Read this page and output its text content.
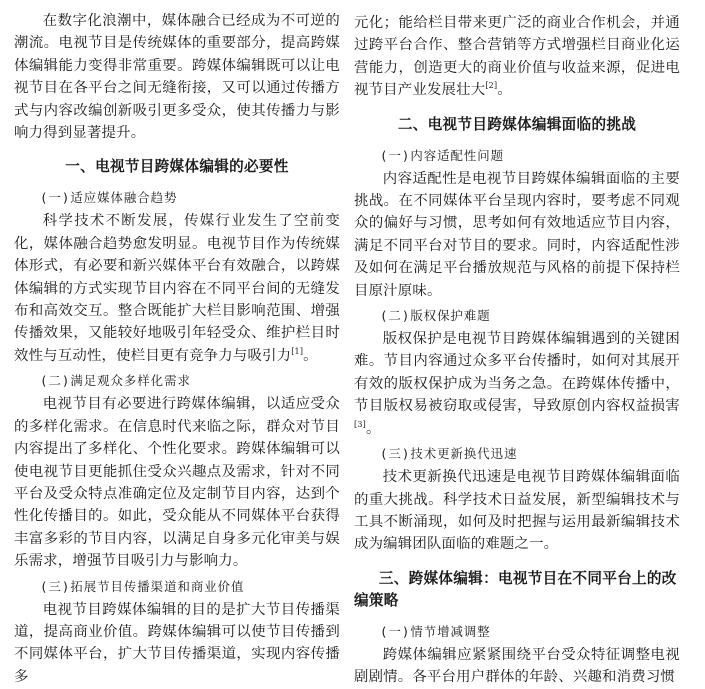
在数字化浪潮中，媒体融合已经成为不可逆的潮流。电视节目是传统媒体的重要部分，提高跨媒体编辑能力变得非常重要。跨媒体编辑既可以让电视节目在各平台之间无缝衔接，又可以通过传播方式与内容改编创新吸引更多受众，使其传播力与影响力得到显著提升。

一、电视节目跨媒体编辑的必要性
(一)适应媒体融合趋势

科学技术不断发展，传媒行业发生了空前变化，媒体融合趋势愈发明显。电视节目作为传统媒体形式，有必要和新兴媒体平台有效融合，以跨媒体编辑的方式实现节目内容在不同平台间的无缝发布和高效交互。整合既能扩大栏目影响范围、增强传播效果，又能较好地吸引年轻受众、维护栏目时效性与互动性，使栏目更有竞争力与吸引力[1]。

(二)满足观众多样化需求

电视节目有必要进行跨媒体编辑，以适应受众的多样化需求。在信息时代来临之际，群众对节目内容提出了多样化、个性化要求。跨媒体编辑可以使电视节目更能抓住受众兴趣点及需求，针对不同平台及受众特点准确定位及定制节目内容，达到个性化传播目的。如此，受众能从不同媒体平台获得丰富多彩的节目内容，以满足自身多元化审美与娱乐需求，增强节目吸引力与影响力。

(三)拓展节目传播渠道和商业价值

电视节目跨媒体编辑的目的是扩大节目传播渠道，提高商业价值。跨媒体编辑可以使节目传播到不同媒体平台，扩大节目传播渠道，实现内容传播多

元化；能给栏目带来更广泛的商业合作机会，并通过跨平台合作、整合营销等方式增强栏目商业化运营能力，创造更大的商业价值与收益来源，促进电视节目产业发展壮大[2]。

二、电视节目跨媒体编辑面临的挑战
(一)内容适配性问题

内容适配性是电视节目跨媒体编辑面临的主要挑战。在不同媒体平台呈现内容时，要考虑不同观众的偏好与习惯，思考如何有效地适应节目内容，满足不同平台对节目的要求。同时，内容适配性涉及如何在满足平台播放规范与风格的前提下保持栏目原汁原味。

(二)版权保护难题

版权保护是电视节目跨媒体编辑遇到的关键困难。节目内容通过众多平台传播时，如何对其展开有效的版权保护成为当务之急。在跨媒体传播中，节目版权易被窃取或侵害，导致原创内容权益损害[3]。

(三)技术更新换代迅速

技术更新换代迅速是电视节目跨媒体编辑面临的重大挑战。科学技术日益发展，新型编辑技术与工具不断涌现，如何及时把握与运用最新编辑技术成为编辑团队面临的难题之一。

三、跨媒体编辑：电视节目在不同平台上的改编策略
(一)情节增减调整

跨媒体编辑应紧紧围绕平台受众特征调整电视剧剧情。各平台用户群体的年龄、兴趣和消费习惯
